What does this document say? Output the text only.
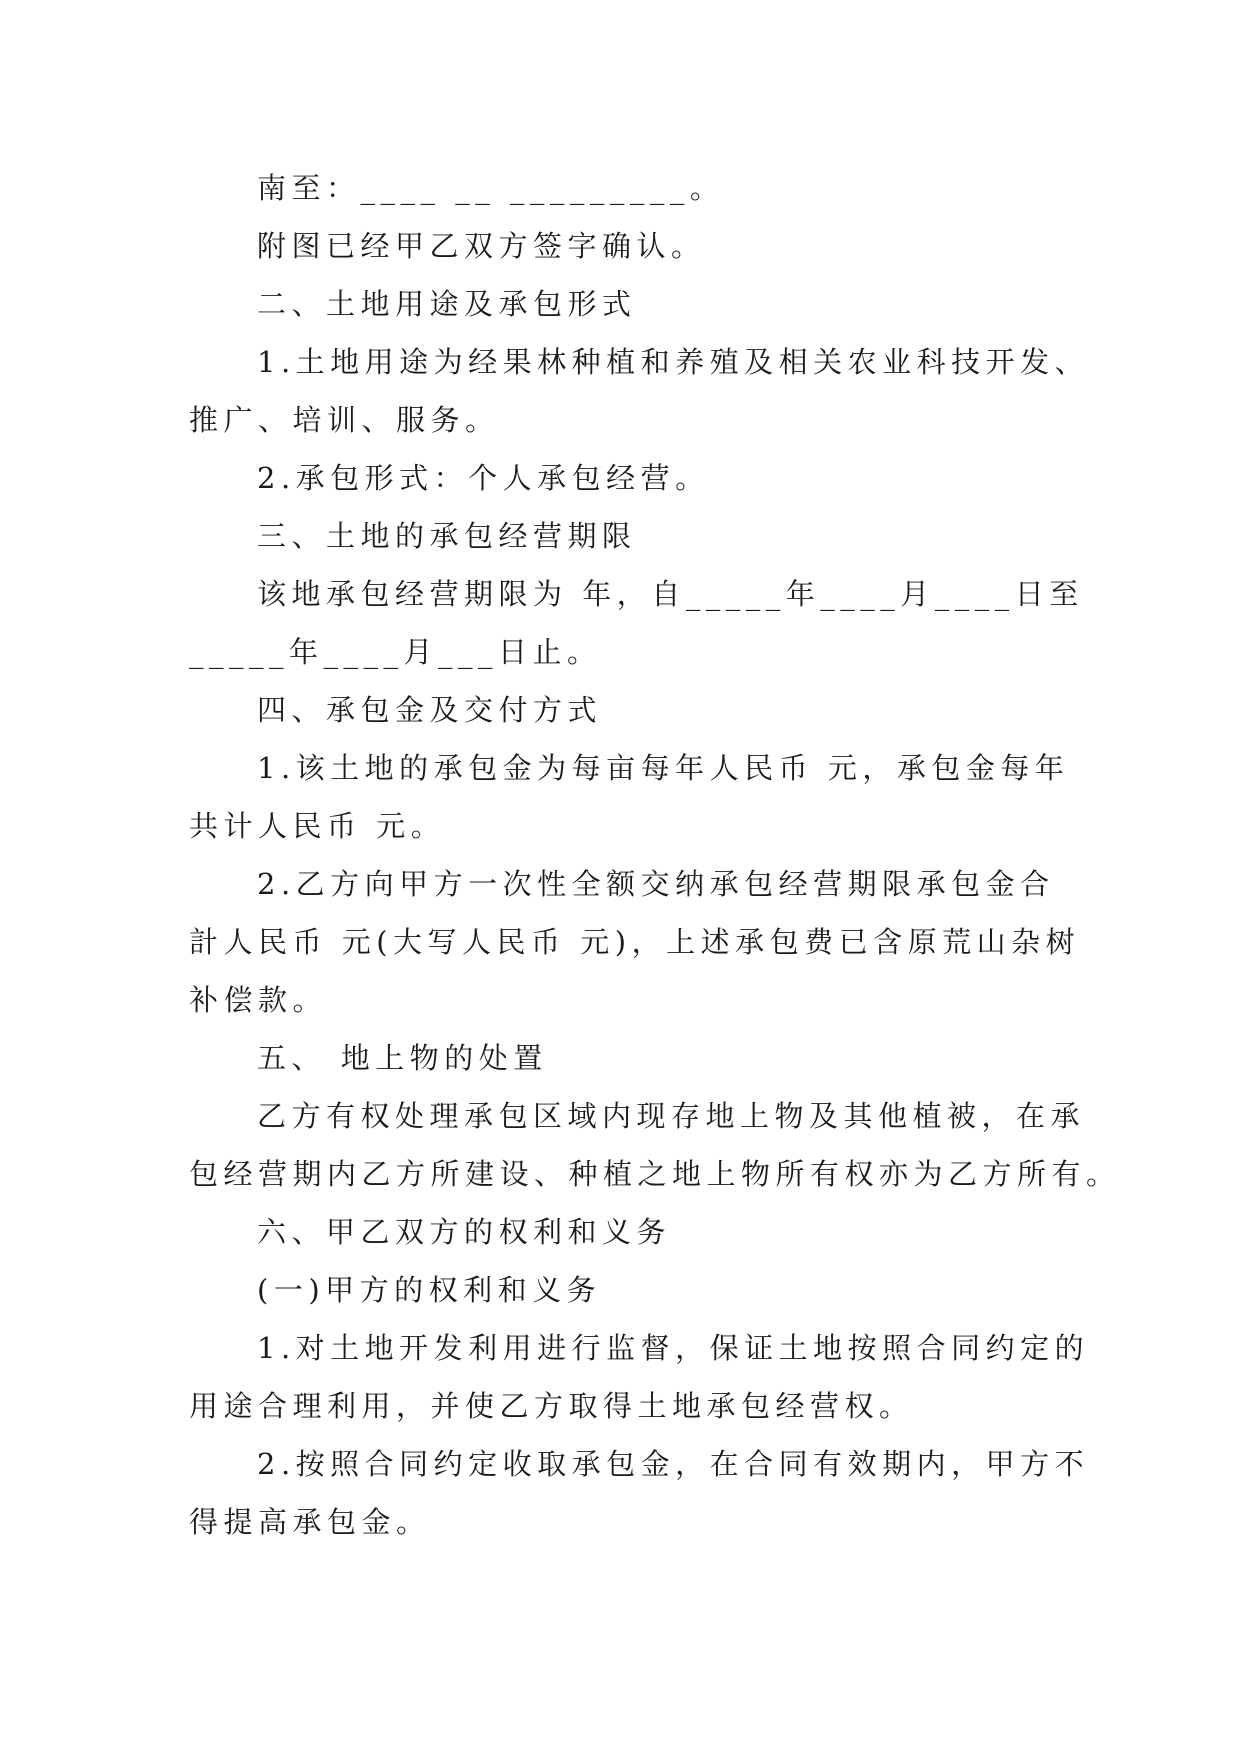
南至：____ __ _________。
附图已经甲乙双方签字确认。
二、土地用途及承包形式
1.土地用途为经果林种植和养殖及相关农业科技开发、
推广、培训、服务。
2.承包形式：个人承包经营。
三、土地的承包经营期限
该地承包经营期限为 年，自_____年____月____日至
_____年____月___日止。
四、承包金及交付方式
1.该土地的承包金为每亩每年人民币 元，承包金每年
共计人民币 元。
2.乙方向甲方一次性全额交纳承包经营期限承包金合
計人民币 元(大写人民币 元)，上述承包费已含原荒山杂树
补偿款。
五、 地上物的处置
乙方有权处理承包区域内现存地上物及其他植被，在承
包经营期内乙方所建设、种植之地上物所有权亦为乙方所有。
六、甲乙双方的权利和义务
(一)甲方的权利和义务
1.对土地开发利用进行监督，保证土地按照合同约定的
用途合理利用，并使乙方取得土地承包经营权。
2.按照合同约定收取承包金，在合同有效期内，甲方不
得提高承包金。
